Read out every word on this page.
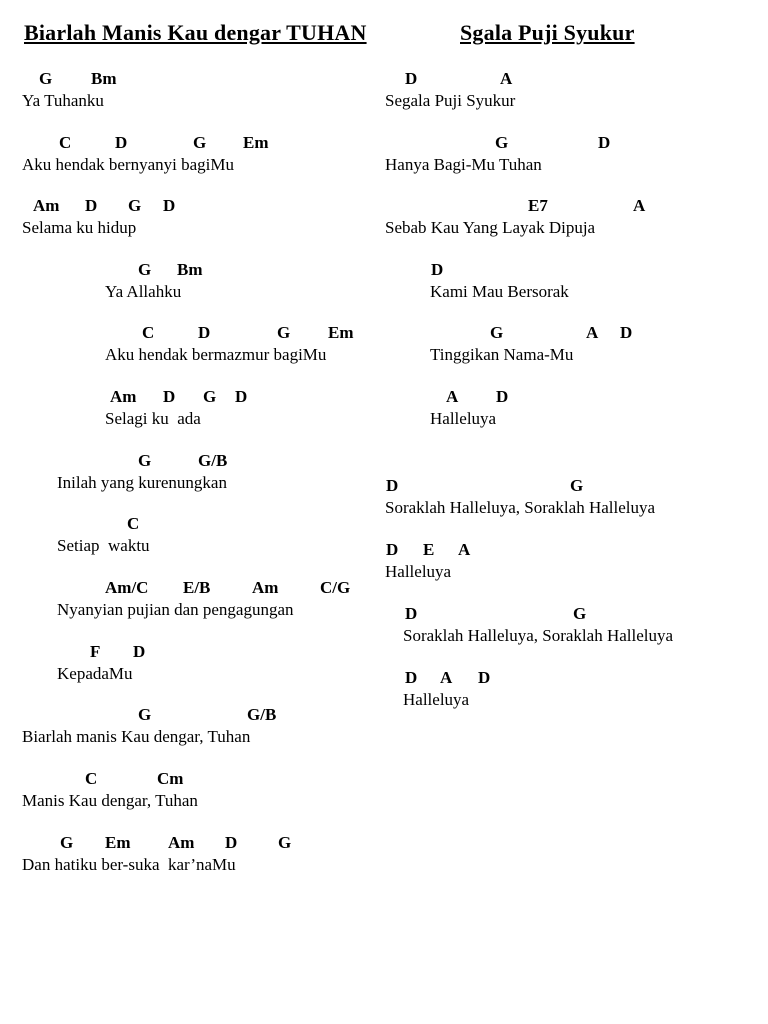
Biarlah Manis Kau dengar TUHAN
G Bm
Ya Tuhanku
C	D	G Em
Aku hendak bernyanyi bagiMu
Am D G D
Selama ku hidup
G Bm
Ya Allahku
C	D	G Em
Aku hendak bermazmur bagiMu
Am D G D
Selagi ku  ada
G	G/B
Inilah yang kurenungkan
C
Setiap  waktu
Am/C E/B Am C/G
Nyanyian pujian dan pengagungan
F D
KepadaMu
G	G/B
Biarlah manis Kau dengar, Tuhan
C	Cm
Manis Kau dengar, Tuhan
G Em Am D G
Dan hatiku ber-suka  kar’naMu
Sgala Puji Syukur
D	A
Segala Puji Syukur
G	D
Hanya Bagi-Mu Tuhan
E7	A
Sebab Kau Yang Layak Dipuja
D
Kami Mau Bersorak
G	A D
Tinggikan Nama-Mu
A D
Halleluya
D	G
Soraklah Halleluya, Soraklah Halleluya
D E A
Halleluya
D	G
Soraklah Halleluya, Soraklah Halleluya
D A D
Halleluya
